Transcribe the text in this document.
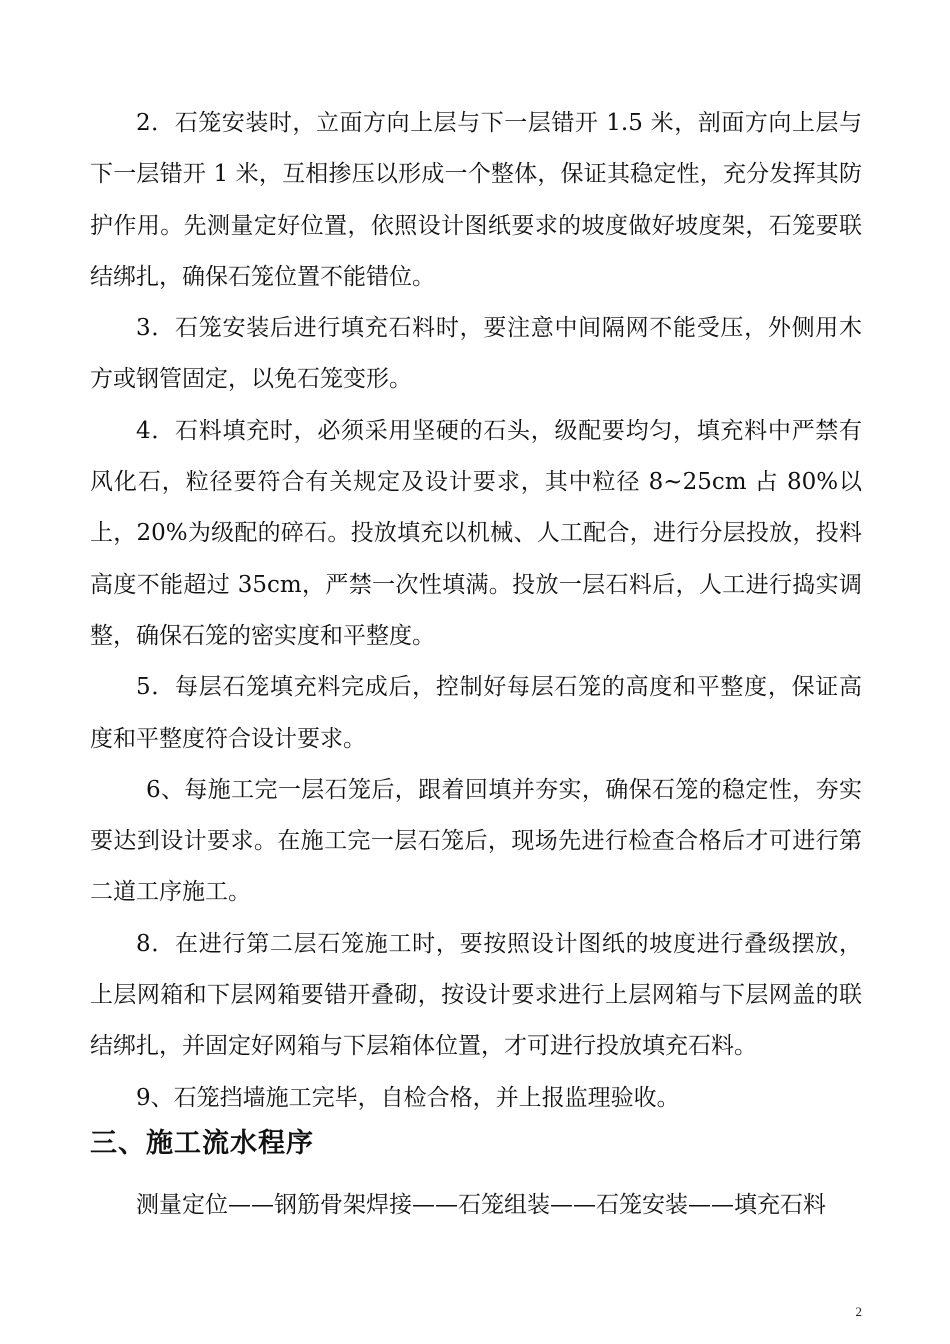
2．石笼安装时，立面方向上层与下一层错开 1.5 米，剖面方向上层与下一层错开 1 米，互相掺压以形成一个整体，保证其稳定性，充分发挥其防护作用。先测量定好位置，依照设计图纸要求的坡度做好坡度架，石笼要联结绑扎，确保石笼位置不能错位。

3．石笼安装后进行填充石料时，要注意中间隔网不能受压，外侧用木方或钢管固定，以免石笼变形。

4．石料填充时，必须采用坚硬的石头，级配要均匀，填充料中严禁有风化石，粒径要符合有关规定及设计要求，其中粒径 8~25cm 占 80%以上，20%为级配的碎石。投放填充以机械、人工配合，进行分层投放，投料高度不能超过 35cm，严禁一次性填满。投放一层石料后，人工进行捣实调整，确保石笼的密实度和平整度。

5．每层石笼填充料完成后，控制好每层石笼的高度和平整度，保证高度和平整度符合设计要求。

6、每施工完一层石笼后，跟着回填并夯实，确保石笼的稳定性，夯实要达到设计要求。在施工完一层石笼后，现场先进行检查合格后才可进行第二道工序施工。

8．在进行第二层石笼施工时，要按照设计图纸的坡度进行叠级摆放，上层网箱和下层网箱要错开叠砌，按设计要求进行上层网箱与下层网盖的联结绑扎，并固定好网箱与下层箱体位置，才可进行投放填充石料。

9、石笼挡墙施工完毕，自检合格，并上报监理验收。

三、施工流水程序

测量定位——钢筋骨架焊接——石笼组装——石笼安装——填充石料

2
